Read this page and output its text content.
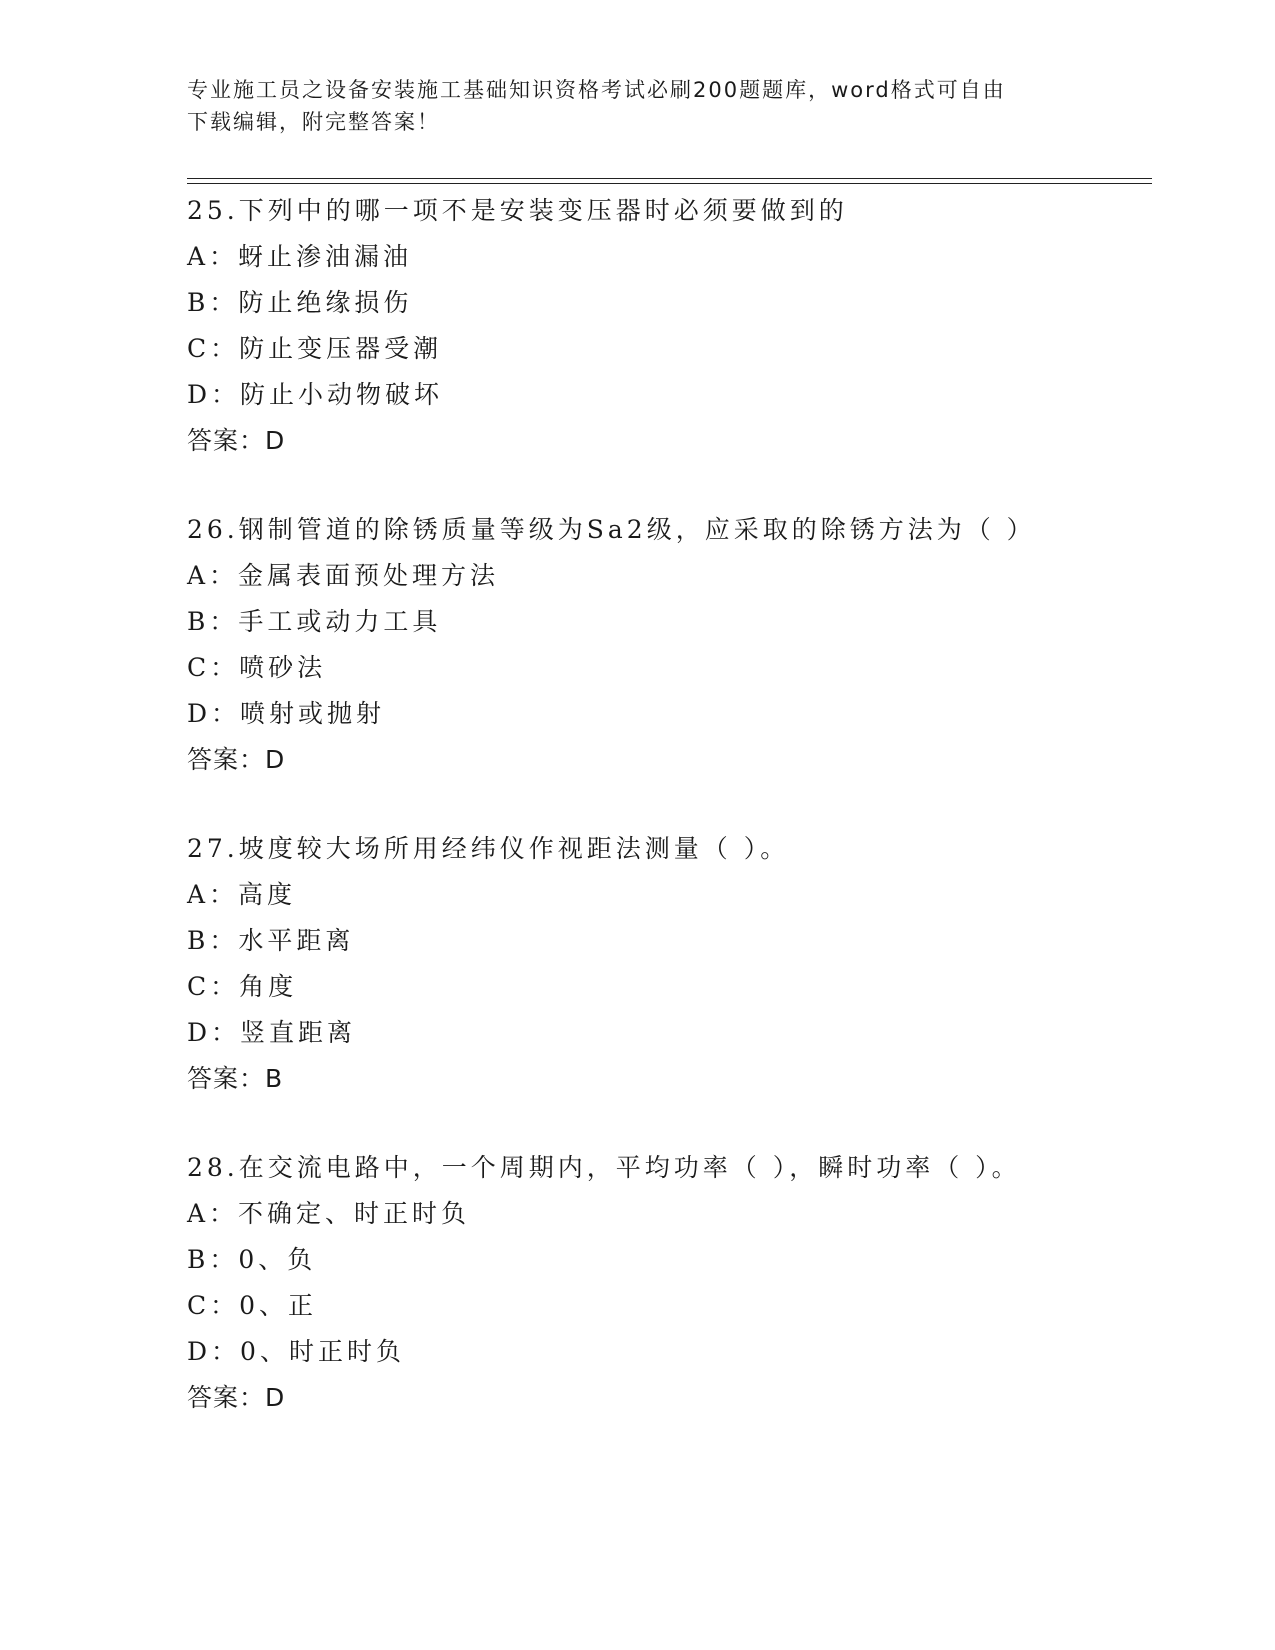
专业施工员之设备安装施工基础知识资格考试必刷200题题库，word格式可自由
下载编辑，附完整答案！
25.下列中的哪一项不是安装变压器时必须要做到的
A：蚜止渗油漏油
B：防止绝缘损伤
C：防止变压器受潮
D：防止小动物破坏
答案：D
26.钢制管道的除锈质量等级为Sa2级，应采取的除锈方法为（ ）
A：金属表面预处理方法
B：手工或动力工具
C：喷砂法
D：喷射或抛射
答案：D
27.坡度较大场所用经纬仪作视距法测量（ ）。
A：高度
B：水平距离
C：角度
D：竖直距离
答案：B
28.在交流电路中，一个周期内，平均功率（ ），瞬时功率（ ）。
A：不确定、时正时负
B：0、负
C：0、正
D：0、时正时负
答案：D
